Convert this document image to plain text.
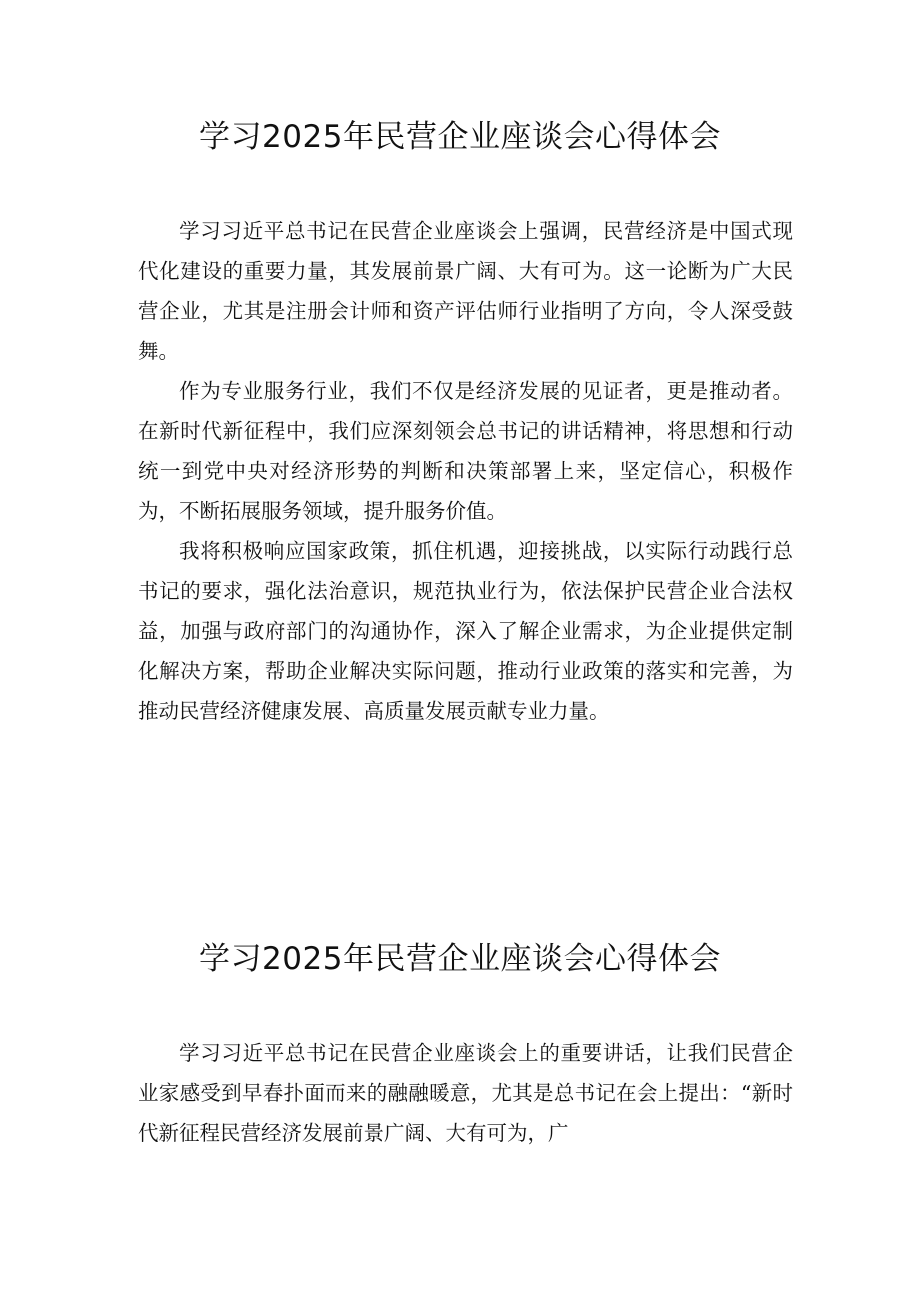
学习2025年民营企业座谈会心得体会

学习习近平总书记在民营企业座谈会上强调，民营经济是中国式现代化建设的重要力量，其发展前景广阔、大有可为。这一论断为广大民营企业，尤其是注册会计师和资产评估师行业指明了方向，令人深受鼓舞。

作为专业服务行业，我们不仅是经济发展的见证者，更是推动者。在新时代新征程中，我们应深刻领会总书记的讲话精神，将思想和行动统一到党中央对经济形势的判断和决策部署上来，坚定信心，积极作为，不断拓展服务领域，提升服务价值。

我将积极响应国家政策，抓住机遇，迎接挑战，以实际行动践行总书记的要求，强化法治意识，规范执业行为，依法保护民营企业合法权益，加强与政府部门的沟通协作，深入了解企业需求，为企业提供定制化解决方案，帮助企业解决实际问题，推动行业政策的落实和完善，为推动民营经济健康发展、高质量发展贡献专业力量。

学习2025年民营企业座谈会心得体会

学习习近平总书记在民营企业座谈会上的重要讲话，让我们民营企业家感受到早春扑面而来的融融暖意，尤其是总书记在会上提出：“新时代新征程民营经济发展前景广阔、大有可为，广
